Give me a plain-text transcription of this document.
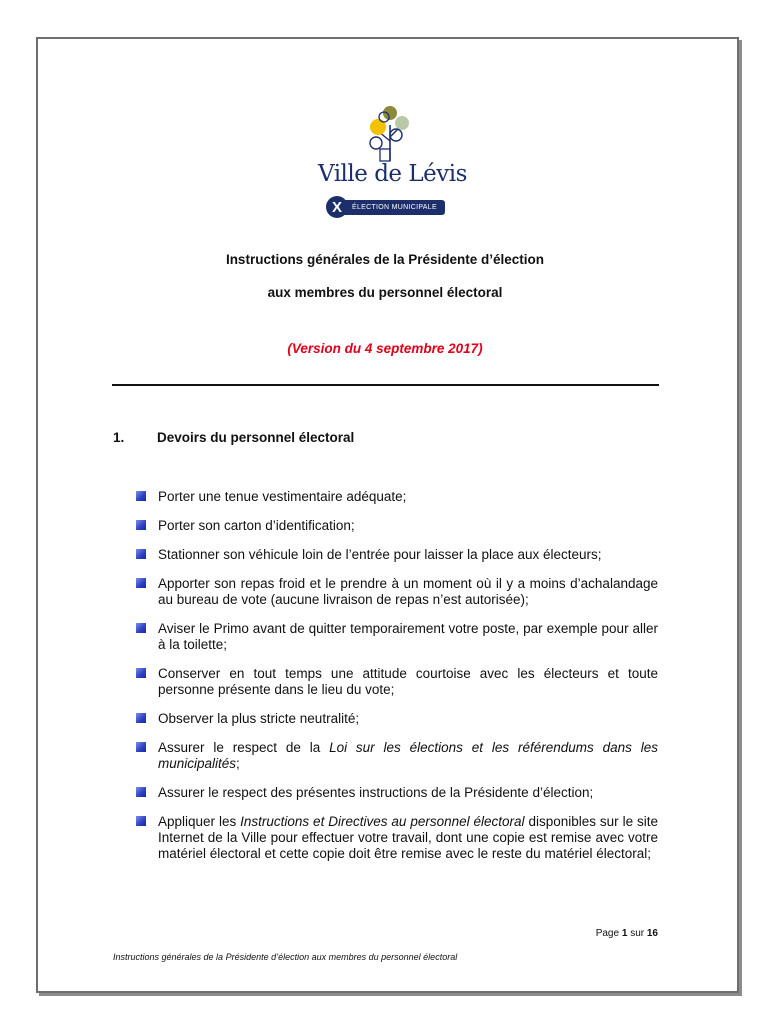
Ville de Lévis
X	ÉLECTION MUNICIPALE
Instructions générales de la Présidente d’élection
aux membres du personnel électoral
(Version du 4 septembre 2017)
1. Devoirs du personnel électoral
Porter une tenue vestimentaire adéquate;
Porter son carton d’identification;
Stationner son véhicule loin de l’entrée pour laisser la place aux électeurs;
Apporter son repas froid et le prendre à un moment où il y a moins d’achalandage au bureau de vote (aucune livraison de repas n’est autorisée);
Aviser le Primo avant de quitter temporairement votre poste, par exemple pour aller à la toilette;
Conserver en tout temps une attitude courtoise avec les électeurs et toute personne présente dans le lieu du vote;
Observer la plus stricte neutralité;
Assurer le respect de la Loi sur les élections et les référendums dans les municipalités;
Assurer le respect des présentes instructions de la Présidente d’élection;
Appliquer les Instructions et Directives au personnel électoral disponibles sur le site Internet de la Ville pour effectuer votre travail, dont une copie est remise avec votre matériel électoral et cette copie doit être remise avec le reste du matériel électoral;
Page 1 sur 16
Instructions générales de la Présidente d’élection aux membres du personnel électoral
